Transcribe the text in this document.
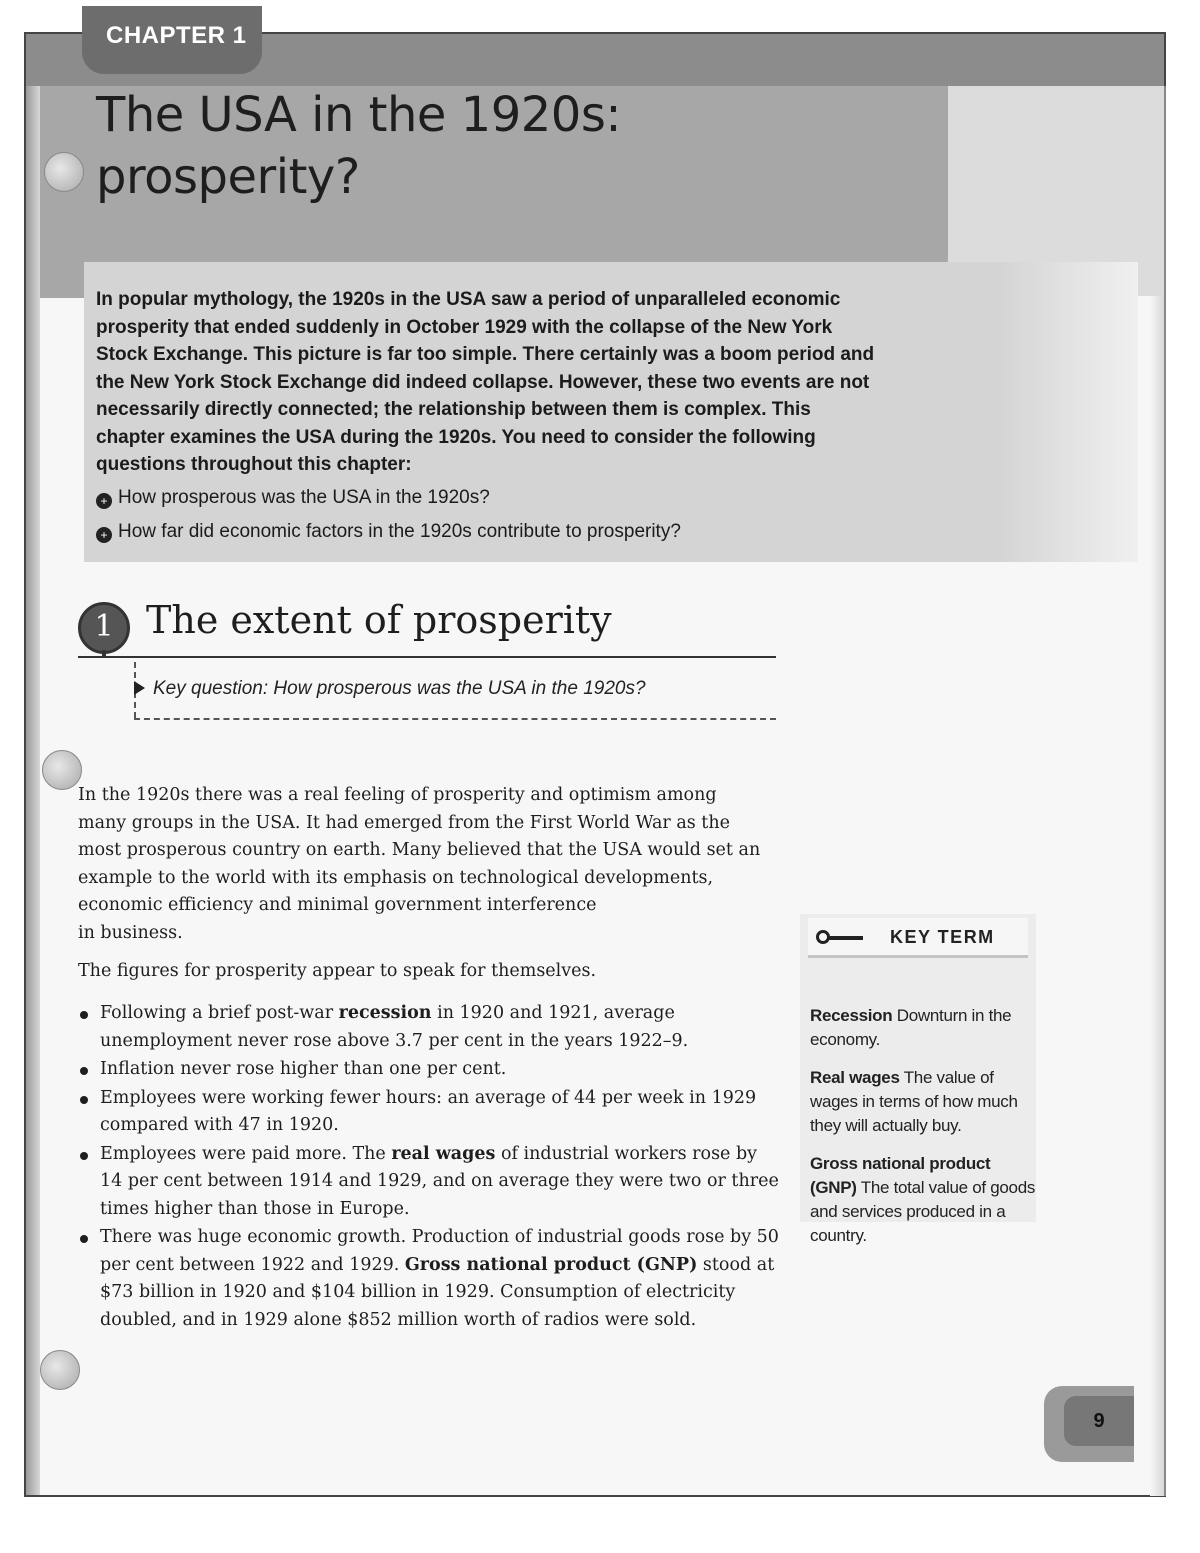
CHAPTER 1
The USA in the 1920s:
prosperity?
In popular mythology, the 1920s in the USA saw a period of unparalleled economic
prosperity that ended suddenly in October 1929 with the collapse of the New York
Stock Exchange. This picture is far too simple. There certainly was a boom period and
the New York Stock Exchange did indeed collapse. However, these two events are not
necessarily directly connected; the relationship between them is complex. This
chapter examines the USA during the 1920s. You need to consider the following
questions throughout this chapter:
+ How prosperous was the USA in the 1920s?
+ How far did economic factors in the 1920s contribute to prosperity?
1 The extent of prosperity
Key question: How prosperous was the USA in the 1920s?
In the 1920s there was a real feeling of prosperity and optimism among
many groups in the USA. It had emerged from the First World War as the
most prosperous country on earth. Many believed that the USA would set an
example to the world with its emphasis on technological developments,
economic efficiency and minimal government interference
in business.
The figures for prosperity appear to speak for themselves.
Following a brief post-war recession in 1920 and 1921, average unemployment never rose above 3.7 per cent in the years 1922–9.
Inflation never rose higher than one per cent.
Employees were working fewer hours: an average of 44 per week in 1929 compared with 47 in 1920.
Employees were paid more. The real wages of industrial workers rose by 14 per cent between 1914 and 1929, and on average they were two or three times higher than those in Europe.
There was huge economic growth. Production of industrial goods rose by 50 per cent between 1922 and 1929. Gross national product (GNP) stood at $73 billion in 1920 and $104 billion in 1929. Consumption of electricity doubled, and in 1929 alone $852 million worth of radios were sold.
KEY TERM
Recession Downturn in the economy.
Real wages The value of wages in terms of how much they will actually buy.
Gross national product (GNP) The total value of goods and services produced in a country.
9
